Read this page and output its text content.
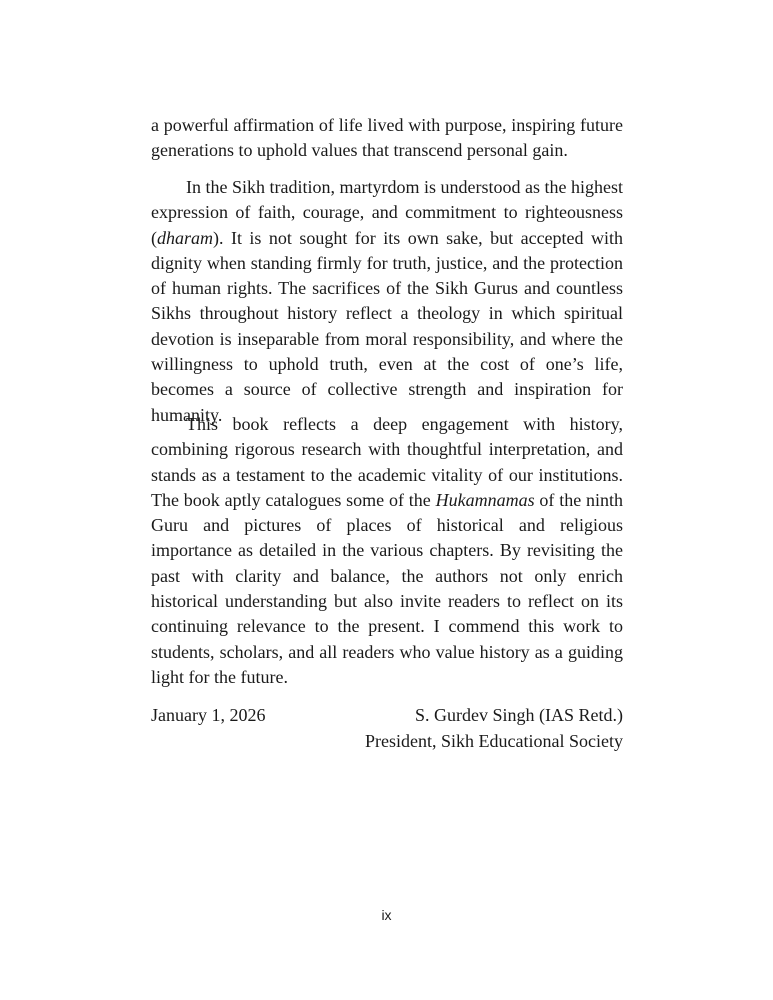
a powerful affirmation of life lived with purpose, inspiring future generations to uphold values that transcend personal gain.

In the Sikh tradition, martyrdom is understood as the highest expression of faith, courage, and commitment to righteousness (dharam). It is not sought for its own sake, but accepted with dignity when standing firmly for truth, justice, and the protection of human rights. The sacrifices of the Sikh Gurus and countless Sikhs throughout history reflect a theology in which spiritual devotion is inseparable from moral responsibility, and where the willingness to uphold truth, even at the cost of one’s life, becomes a source of collective strength and inspiration for humanity.

This book reflects a deep engagement with history, combining rigorous research with thoughtful interpretation, and stands as a testament to the academic vitality of our institutions. The book aptly catalogues some of the Hukamnamas of the ninth Guru and pictures of places of historical and religious importance as detailed in the various chapters. By revisiting the past with clarity and balance, the authors not only enrich historical understanding but also invite readers to reflect on its continuing relevance to the present. I commend this work to students, scholars, and all readers who value history as a guiding light for the future.

January 1, 2026	S. Gurdev Singh (IAS Retd.)
President, Sikh Educational Society
ix
